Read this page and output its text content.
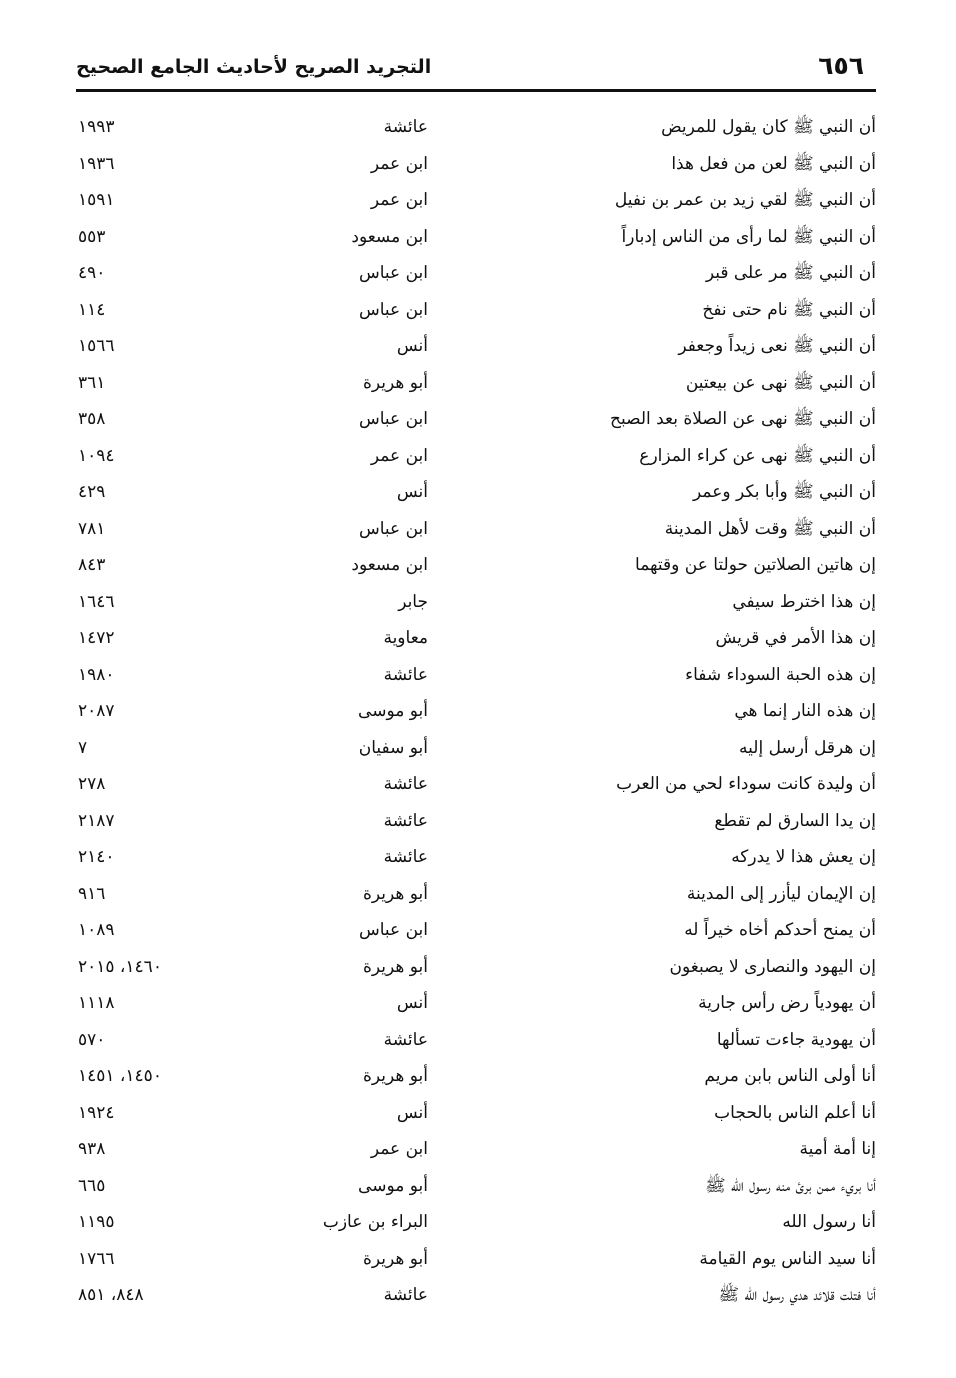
٦٥٦
التجريد الصريح لأحاديث الجامع الصحيح
أن النبي ﷺ كان يقول للمريض
عائشة
١٩٩٣
أن النبي ﷺ لعن من فعل هذا
ابن عمر
١٩٣٦
أن النبي ﷺ لقي زيد بن عمر بن نفيل
ابن عمر
١٥٩١
أن النبي ﷺ لما رأى من الناس إدباراً
ابن مسعود
٥٥٣
أن النبي ﷺ مر على قبر
ابن عباس
٤٩٠
أن النبي ﷺ نام حتى نفخ
ابن عباس
١١٤
أن النبي ﷺ نعى زيداً وجعفر
أنس
١٥٦٦
أن النبي ﷺ نهى عن بيعتين
أبو هريرة
٣٦١
أن النبي ﷺ نهى عن الصلاة بعد الصبح
ابن عباس
٣٥٨
أن النبي ﷺ نهى عن كراء المزارع
ابن عمر
١٠٩٤
أن النبي ﷺ وأبا بكر وعمر
أنس
٤٢٩
أن النبي ﷺ وقت لأهل المدينة
ابن عباس
٧٨١
إن هاتين الصلاتين حولتا عن وقتهما
ابن مسعود
٨٤٣
إن هذا اخترط سيفي
جابر
١٦٤٦
إن هذا الأمر في قريش
معاوية
١٤٧٢
إن هذه الحبة السوداء شفاء
عائشة
١٩٨٠
إن هذه النار إنما هي
أبو موسى
٢٠٨٧
إن هرقل أرسل إليه
أبو سفيان
٧
أن وليدة كانت سوداء لحي من العرب
عائشة
٢٧٨
إن يدا السارق لم تقطع
عائشة
٢١٨٧
إن يعش هذا لا يدركه
عائشة
٢١٤٠
إن الإيمان ليأزر إلى المدينة
أبو هريرة
٩١٦
أن يمنح أحدكم أخاه خيراً له
ابن عباس
١٠٨٩
إن اليهود والنصارى لا يصبغون
أبو هريرة
١٤٦٠، ٢٠١٥
أن يهودياً رض رأس جارية
أنس
١١١٨
أن يهودية جاءت تسألها
عائشة
٥٧٠
أنا أولى الناس بابن مريم
أبو هريرة
١٤٥٠، ١٤٥١
أنا أعلم الناس بالحجاب
أنس
١٩٢٤
إنا أمة أمية
ابن عمر
٩٣٨
أنا بريء ممن برئ منه رسول الله ﷺ
أبو موسى
٦٦٥
أنا رسول الله
البراء بن عازب
١١٩٥
أنا سيد الناس يوم القيامة
أبو هريرة
١٧٦٦
أنا فتلت قلائد هدي رسول الله ﷺ
عائشة
٨٤٨، ٨٥١
